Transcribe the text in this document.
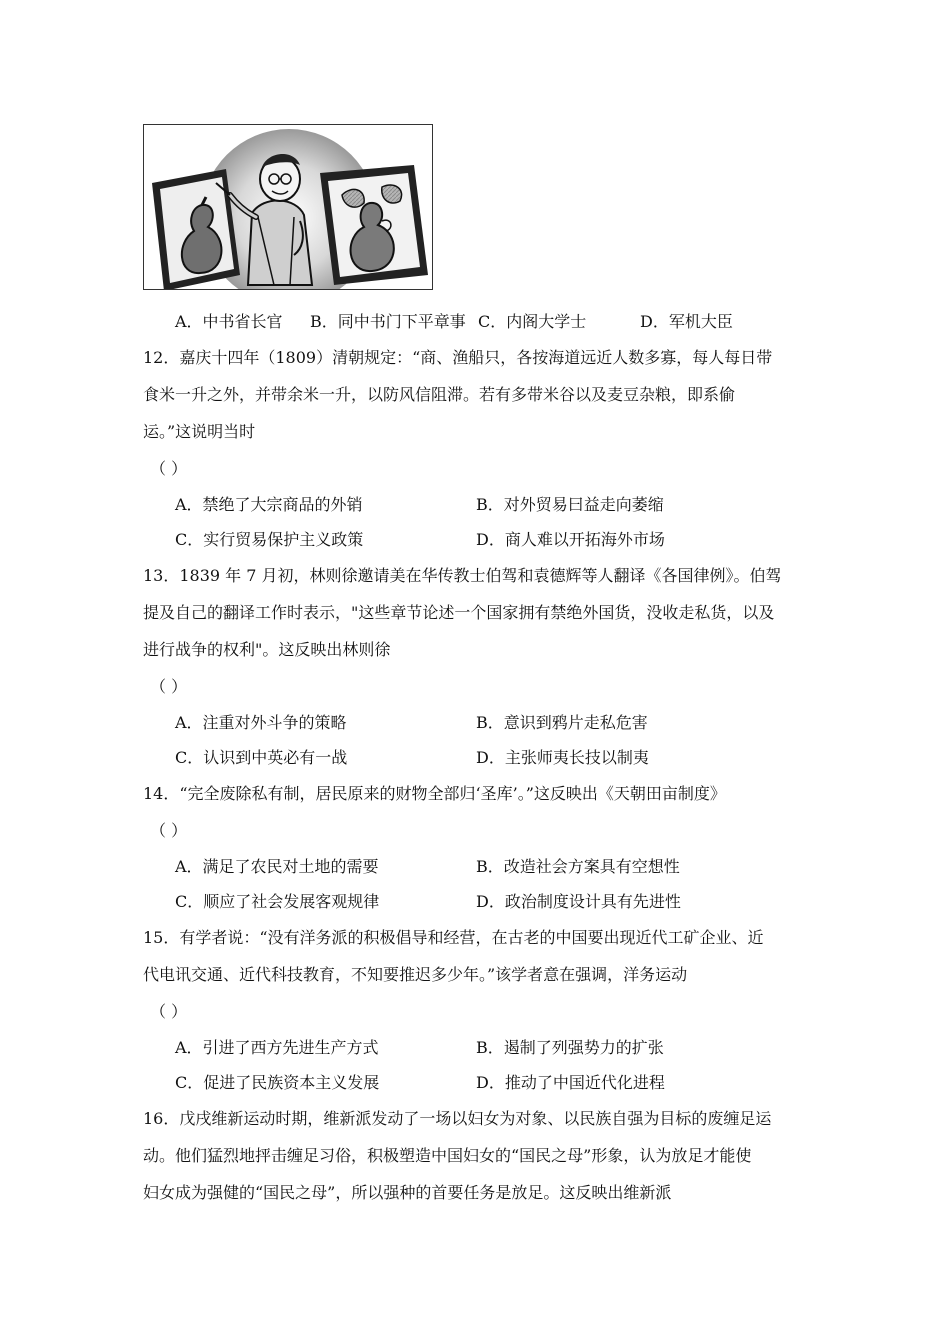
A．中书省长官 B．同中书门下平章事 C．内阁大学士	D．军机大臣
12．嘉庆十四年（1809）清朝规定：“商、渔船只，各按海道远近人数多寡，每人每日带
食米一升之外，并带余米一升，以防风信阻滞。若有多带米谷以及麦豆杂粮，即系偷
运。”这说明当时
（ ）
A．禁绝了大宗商品的外销	B．对外贸易曰益走向萎缩
C．实行贸易保护主义政策	D．商人难以开拓海外市场
13．1839 年 7 月初，林则徐邀请美在华传教士伯驾和袁德辉等人翻译《各国律例》。伯驾
提及自己的翻译工作时表示，"这些章节论述一个国家拥有禁绝外国货，没收走私货，以及
进行战争的权利"。这反映出林则徐
（ ）
A．注重对外斗争的策略	B．意识到鸦片走私危害
C．认识到中英必有一战	D．主张师夷长技以制夷
14．“完全废除私有制，居民原来的财物全部归‘圣库’。”这反映出《天朝田亩制度》
（ ）
A．满足了农民对土地的需要	B．改造社会方案具有空想性
C．顺应了社会发展客观规律	D．政治制度设计具有先进性
15．有学者说：“没有洋务派的积极倡导和经营，在古老的中国要出现近代工矿企业、近
代电讯交通、近代科技教育，不知要推迟多少年。”该学者意在强调，洋务运动
（ ）
A．引进了西方先进生产方式	B．遏制了列强势力的扩张
C．促进了民族资本主义发展	D．推动了中国近代化进程
16．戊戌维新运动时期，维新派发动了一场以妇女为对象、以民族自强为目标的废缠足运
动。他们猛烈地抨击缠足习俗，积极塑造中国妇女的“国民之母”形象，认为放足才能使
妇女成为强健的“国民之母”，所以强种的首要任务是放足。这反映出维新派
